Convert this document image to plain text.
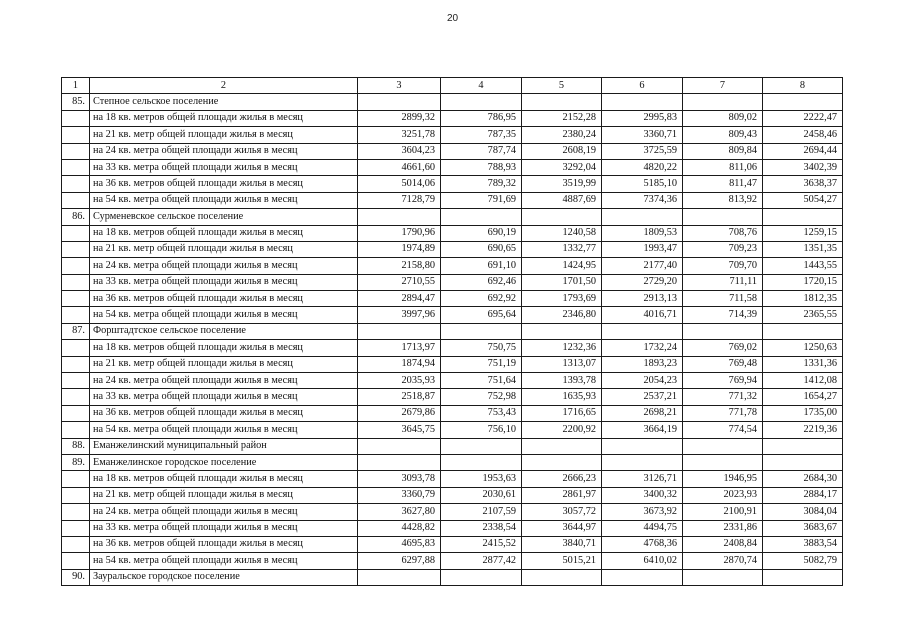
20
1	2	3	4	5	6	7	8
85.	Степное сельское поселение						
	на 18 кв. метров общей площади жилья в месяц	2899,32	786,95	2152,28	2995,83	809,02	2222,47
	на 21 кв. метр общей площади жилья в месяц	3251,78	787,35	2380,24	3360,71	809,43	2458,46
	на 24 кв. метра общей площади жилья в месяц	3604,23	787,74	2608,19	3725,59	809,84	2694,44
	на 33 кв. метра общей площади жилья в месяц	4661,60	788,93	3292,04	4820,22	811,06	3402,39
	на 36 кв. метров общей площади жилья в месяц	5014,06	789,32	3519,99	5185,10	811,47	3638,37
	на 54 кв. метра общей площади жилья в месяц	7128,79	791,69	4887,69	7374,36	813,92	5054,27
86.	Сурменевское сельское поселение						
	на 18 кв. метров общей площади жилья в месяц	1790,96	690,19	1240,58	1809,53	708,76	1259,15
	на 21 кв. метр общей площади жилья в месяц	1974,89	690,65	1332,77	1993,47	709,23	1351,35
	на 24 кв. метра общей площади жилья в месяц	2158,80	691,10	1424,95	2177,40	709,70	1443,55
	на 33 кв. метра общей площади жилья в месяц	2710,55	692,46	1701,50	2729,20	711,11	1720,15
	на 36 кв. метров общей площади жилья в месяц	2894,47	692,92	1793,69	2913,13	711,58	1812,35
	на 54 кв. метра общей площади жилья в месяц	3997,96	695,64	2346,80	4016,71	714,39	2365,55
87.	Форштадтское сельское поселение						
	на 18 кв. метров общей площади жилья в месяц	1713,97	750,75	1232,36	1732,24	769,02	1250,63
	на 21 кв. метр общей площади жилья в месяц	1874,94	751,19	1313,07	1893,23	769,48	1331,36
	на 24 кв. метра общей площади жилья в месяц	2035,93	751,64	1393,78	2054,23	769,94	1412,08
	на 33 кв. метра общей площади жилья в месяц	2518,87	752,98	1635,93	2537,21	771,32	1654,27
	на 36 кв. метров общей площади жилья в месяц	2679,86	753,43	1716,65	2698,21	771,78	1735,00
	на 54 кв. метра общей площади жилья в месяц	3645,75	756,10	2200,92	3664,19	774,54	2219,36
88.	Еманжелинский муниципальный район						
89.	Еманжелинское городское поселение						
	на 18 кв. метров общей площади жилья в месяц	3093,78	1953,63	2666,23	3126,71	1946,95	2684,30
	на 21 кв. метр общей площади жилья в месяц	3360,79	2030,61	2861,97	3400,32	2023,93	2884,17
	на 24 кв. метра общей площади жилья в месяц	3627,80	2107,59	3057,72	3673,92	2100,91	3084,04
	на 33 кв. метра общей площади жилья в месяц	4428,82	2338,54	3644,97	4494,75	2331,86	3683,67
	на 36 кв. метров общей площади жилья в месяц	4695,83	2415,52	3840,71	4768,36	2408,84	3883,54
	на 54 кв. метра общей площади жилья в месяц	6297,88	2877,42	5015,21	6410,02	2870,74	5082,79
90.	Зауральское городское поселение						
